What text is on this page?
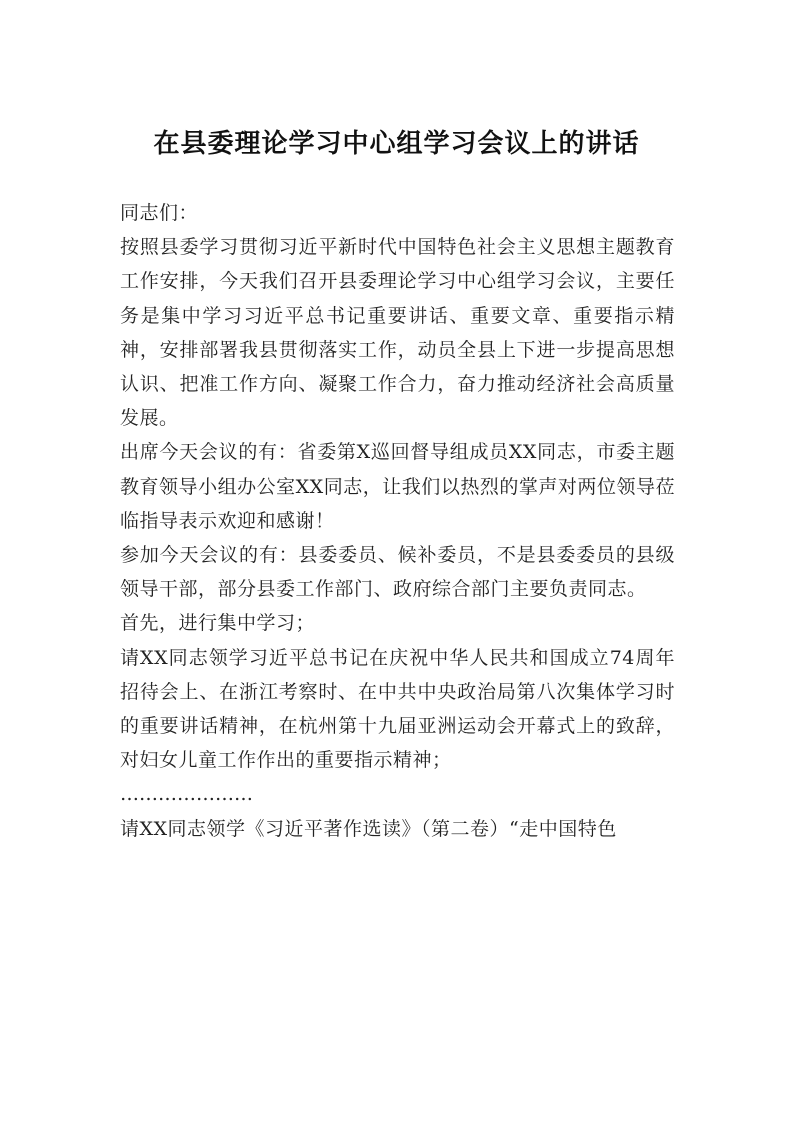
在县委理论学习中心组学习会议上的讲话

同志们：

按照县委学习贯彻习近平新时代中国特色社会主义思想主题教育工作安排，今天我们召开县委理论学习中心组学习会议，主要任务是集中学习习近平总书记重要讲话、重要文章、重要指示精神，安排部署我县贯彻落实工作，动员全县上下进一步提高思想认识、把准工作方向、凝聚工作合力，奋力推动经济社会高质量发展。

出席今天会议的有：省委第X巡回督导组成员XX同志，市委主题教育领导小组办公室XX同志，让我们以热烈的掌声对两位领导莅临指导表示欢迎和感谢！

参加今天会议的有：县委委员、候补委员，不是县委委员的县级领导干部，部分县委工作部门、政府综合部门主要负责同志。

首先，进行集中学习；

请XX同志领学习近平总书记在庆祝中华人民共和国成立74周年招待会上、在浙江考察时、在中共中央政治局第八次集体学习时的重要讲话精神，在杭州第十九届亚洲运动会开幕式上的致辞，对妇女儿童工作作出的重要指示精神；

…………………

请XX同志领学《习近平著作选读》（第二卷）“走中国特色
